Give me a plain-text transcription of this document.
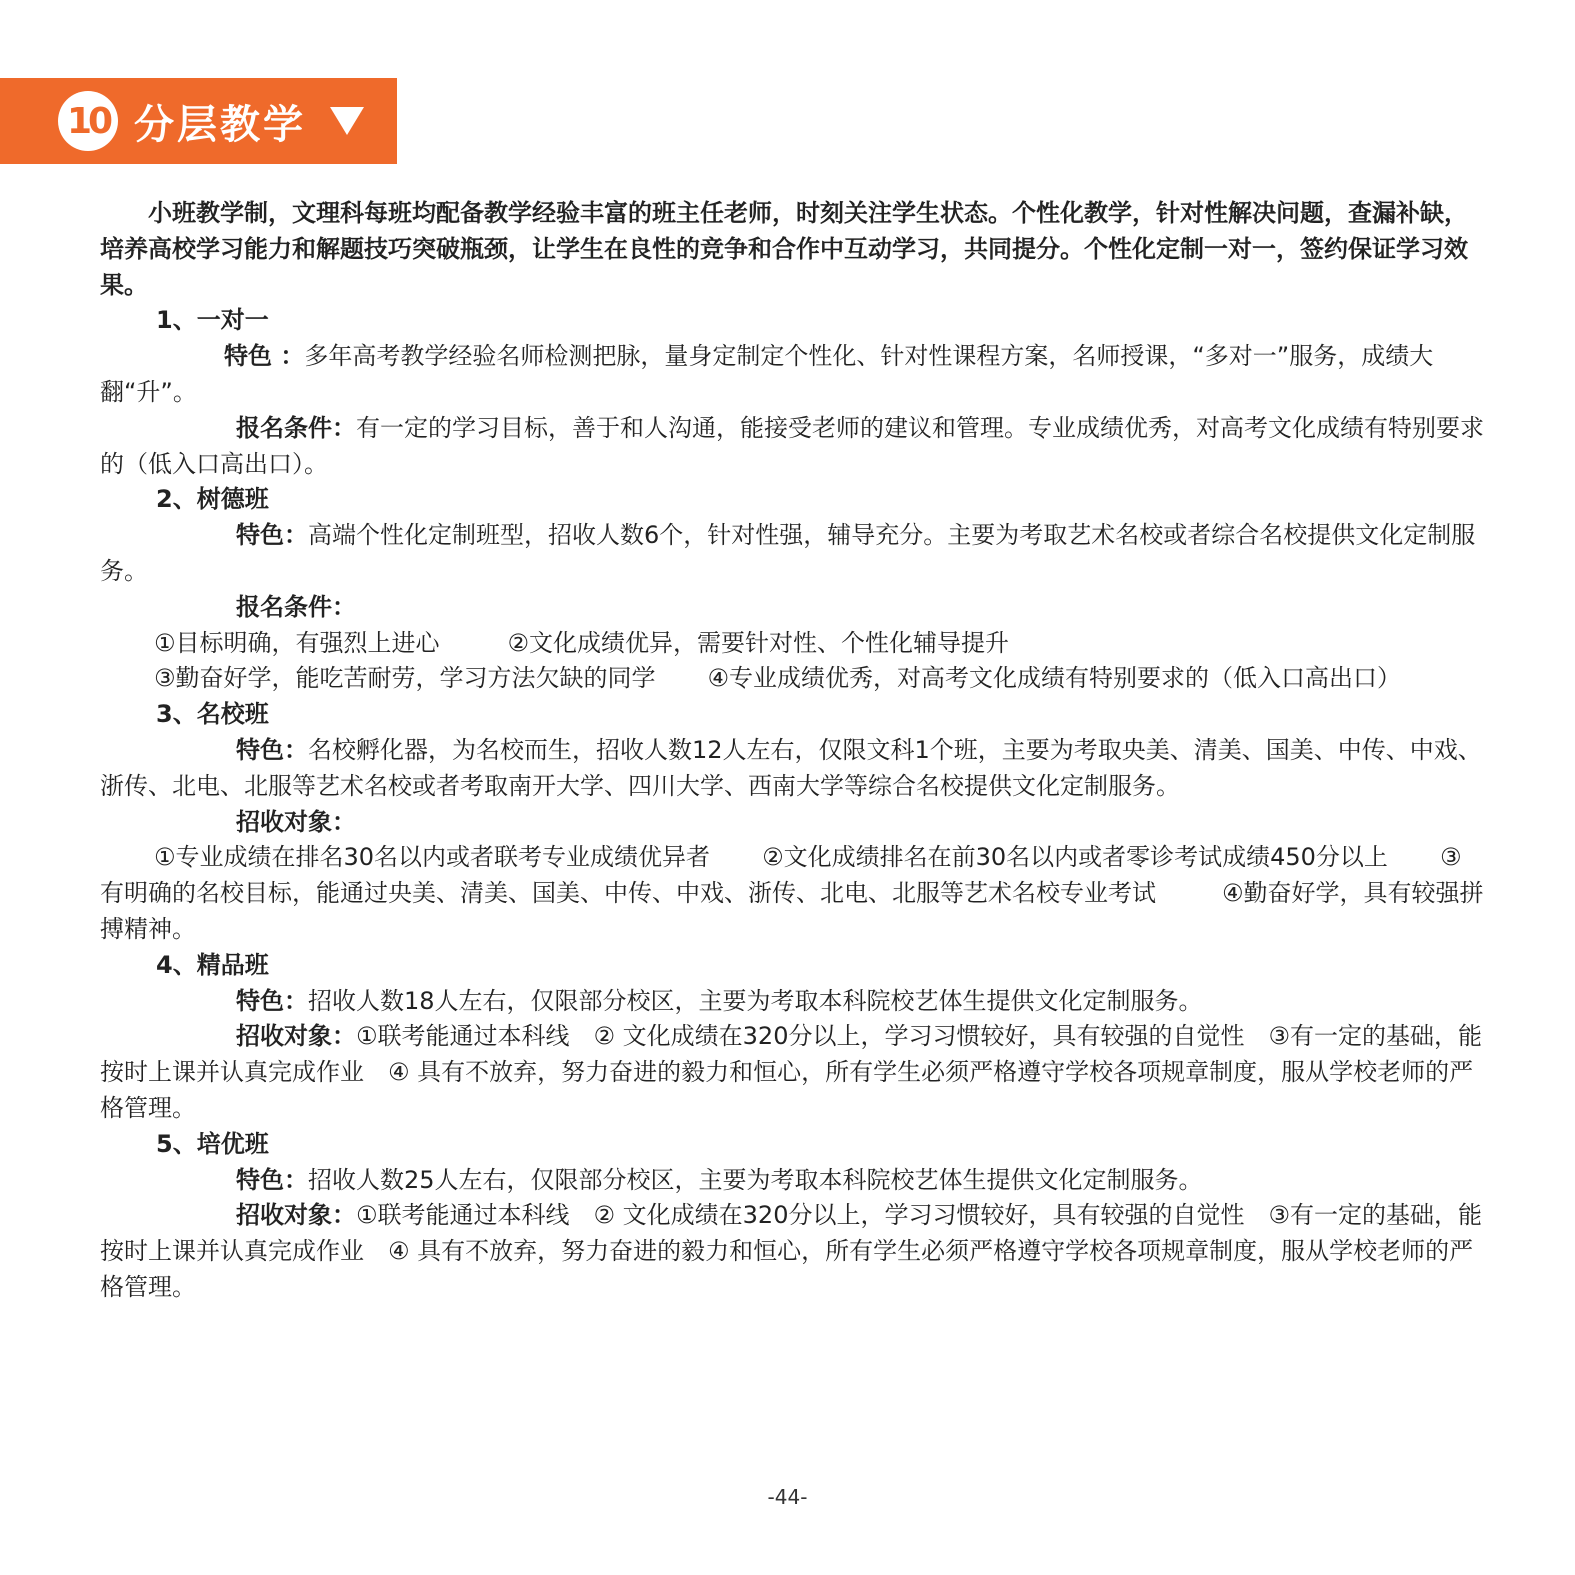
10 分层教学

小班教学制，文理科每班均配备教学经验丰富的班主任老师，时刻关注学生状态。个性化教学，针对性解决问题，查漏补缺，培养高校学习能力和解题技巧突破瓶颈，让学生在良性的竞争和合作中互动学习，共同提分。个性化定制一对一，签约保证学习效果。

1、一对一

特色 ：多年高考教学经验名师检测把脉，量身定制定个性化、针对性课程方案，名师授课，“多对一”服务，成绩大翻“升”。

报名条件：有一定的学习目标，善于和人沟通，能接受老师的建议和管理。专业成绩优秀，对高考文化成绩有特别要求的（低入口高出口）。

2、树德班

特色：高端个性化定制班型，招收人数6个，针对性强，辅导充分。主要为考取艺术名校或者综合名校提供文化定制服务。

报名条件：

①目标明确，有强烈上进心	②文化成绩优异，需要针对性、个性化辅导提升

③勤奋好学，能吃苦耐劳，学习方法欠缺的同学 ④专业成绩优秀，对高考文化成绩有特别要求的（低入口高出口）

3、名校班

特色：名校孵化器，为名校而生，招收人数12人左右，仅限文科1个班，主要为考取央美、清美、国美、中传、中戏、浙传、北电、北服等艺术名校或者考取南开大学、四川大学、西南大学等综合名校提供文化定制服务。

招收对象：

①专业成绩在排名30名以内或者联考专业成绩优异者 ②文化成绩排名在前30名以内或者零诊考试成绩450分以上 ③ 有明确的名校目标，能通过央美、清美、国美、中传、中戏、浙传、北电、北服等艺术名校专业考试	④勤奋好学，具有较强拼搏精神。

4、精品班

特色：招收人数18人左右，仅限部分校区，主要为考取本科院校艺体生提供文化定制服务。

招收对象：①联考能通过本科线　② 文化成绩在320分以上，学习习惯较好，具有较强的自觉性　③有一定的基础，能按时上课并认真完成作业　④ 具有不放弃，努力奋进的毅力和恒心，所有学生必须严格遵守学校各项规章制度，服从学校老师的严格管理。

5、培优班

特色：招收人数25人左右，仅限部分校区，主要为考取本科院校艺体生提供文化定制服务。

招收对象：①联考能通过本科线　② 文化成绩在320分以上，学习习惯较好，具有较强的自觉性　③有一定的基础，能按时上课并认真完成作业　④ 具有不放弃，努力奋进的毅力和恒心，所有学生必须严格遵守学校各项规章制度，服从学校老师的严格管理。

-44-
